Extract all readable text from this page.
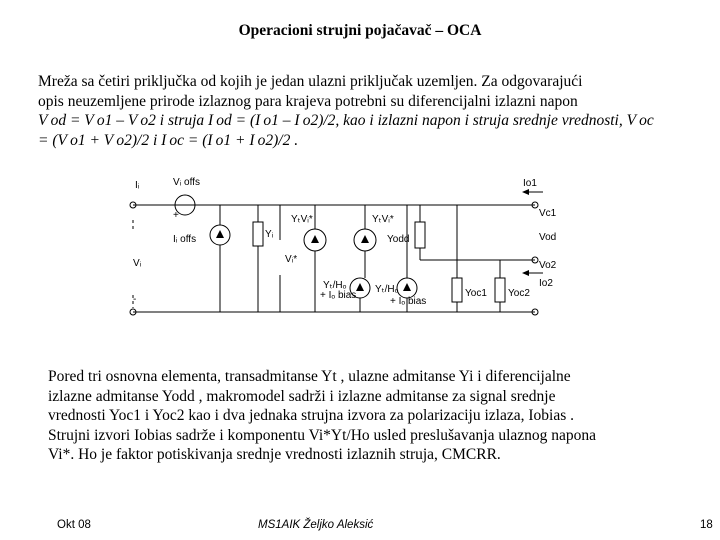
Operacioni strujni pojačavač – OCA
Mreža sa četiri priključka od kojih je jedan ulazni priključak uzemljen. Za odgovarajući
opis neuzemljene prirode izlaznog para krajeva potrebni su diferencijalni izlazni napon
V od = V o1 – V o2 i struja I od = (I o1 – I o2)/2, kao i izlazni napon i struja srednje vrednosti, V oc
= (V o1 + V o2)/2 i I oc = (I o1 + I o2)/2 .
Iᵢ	Vᵢ offs
+
Iᵢ offs	Yᵢ
Vᵢ	Vᵢ*
YₜVᵢ*	YₜVᵢ*
+ Iₒ bias
+ Iₒ bias
Yₜ/Hₒ	Yₜ/Hₒ
Yodd
Yoc1 Yoc2
Io1
Vc1
Vod
Vo2
Io2
-
Pored tri osnovna elementa, transadmitanse Yt , ulazne admitanse Yi i diferencijalne
izlazne admitanse Yodd , makromodel sadrži i izlazne admitanse za signal srednje
vrednosti Yoc1 i Yoc2 kao i dva jednaka strujna izvora za polarizaciju izlaza, Iobias .
Strujni izvori Iobias sadrže i komponentu Vi*Yt/Ho usled preslušavanja ulaznog napona
Vi*. Ho je faktor potiskivanja srednje vrednosti izlaznih struja, CMCRR.
Okt 08	MS1AIK Željko Aleksić	18
